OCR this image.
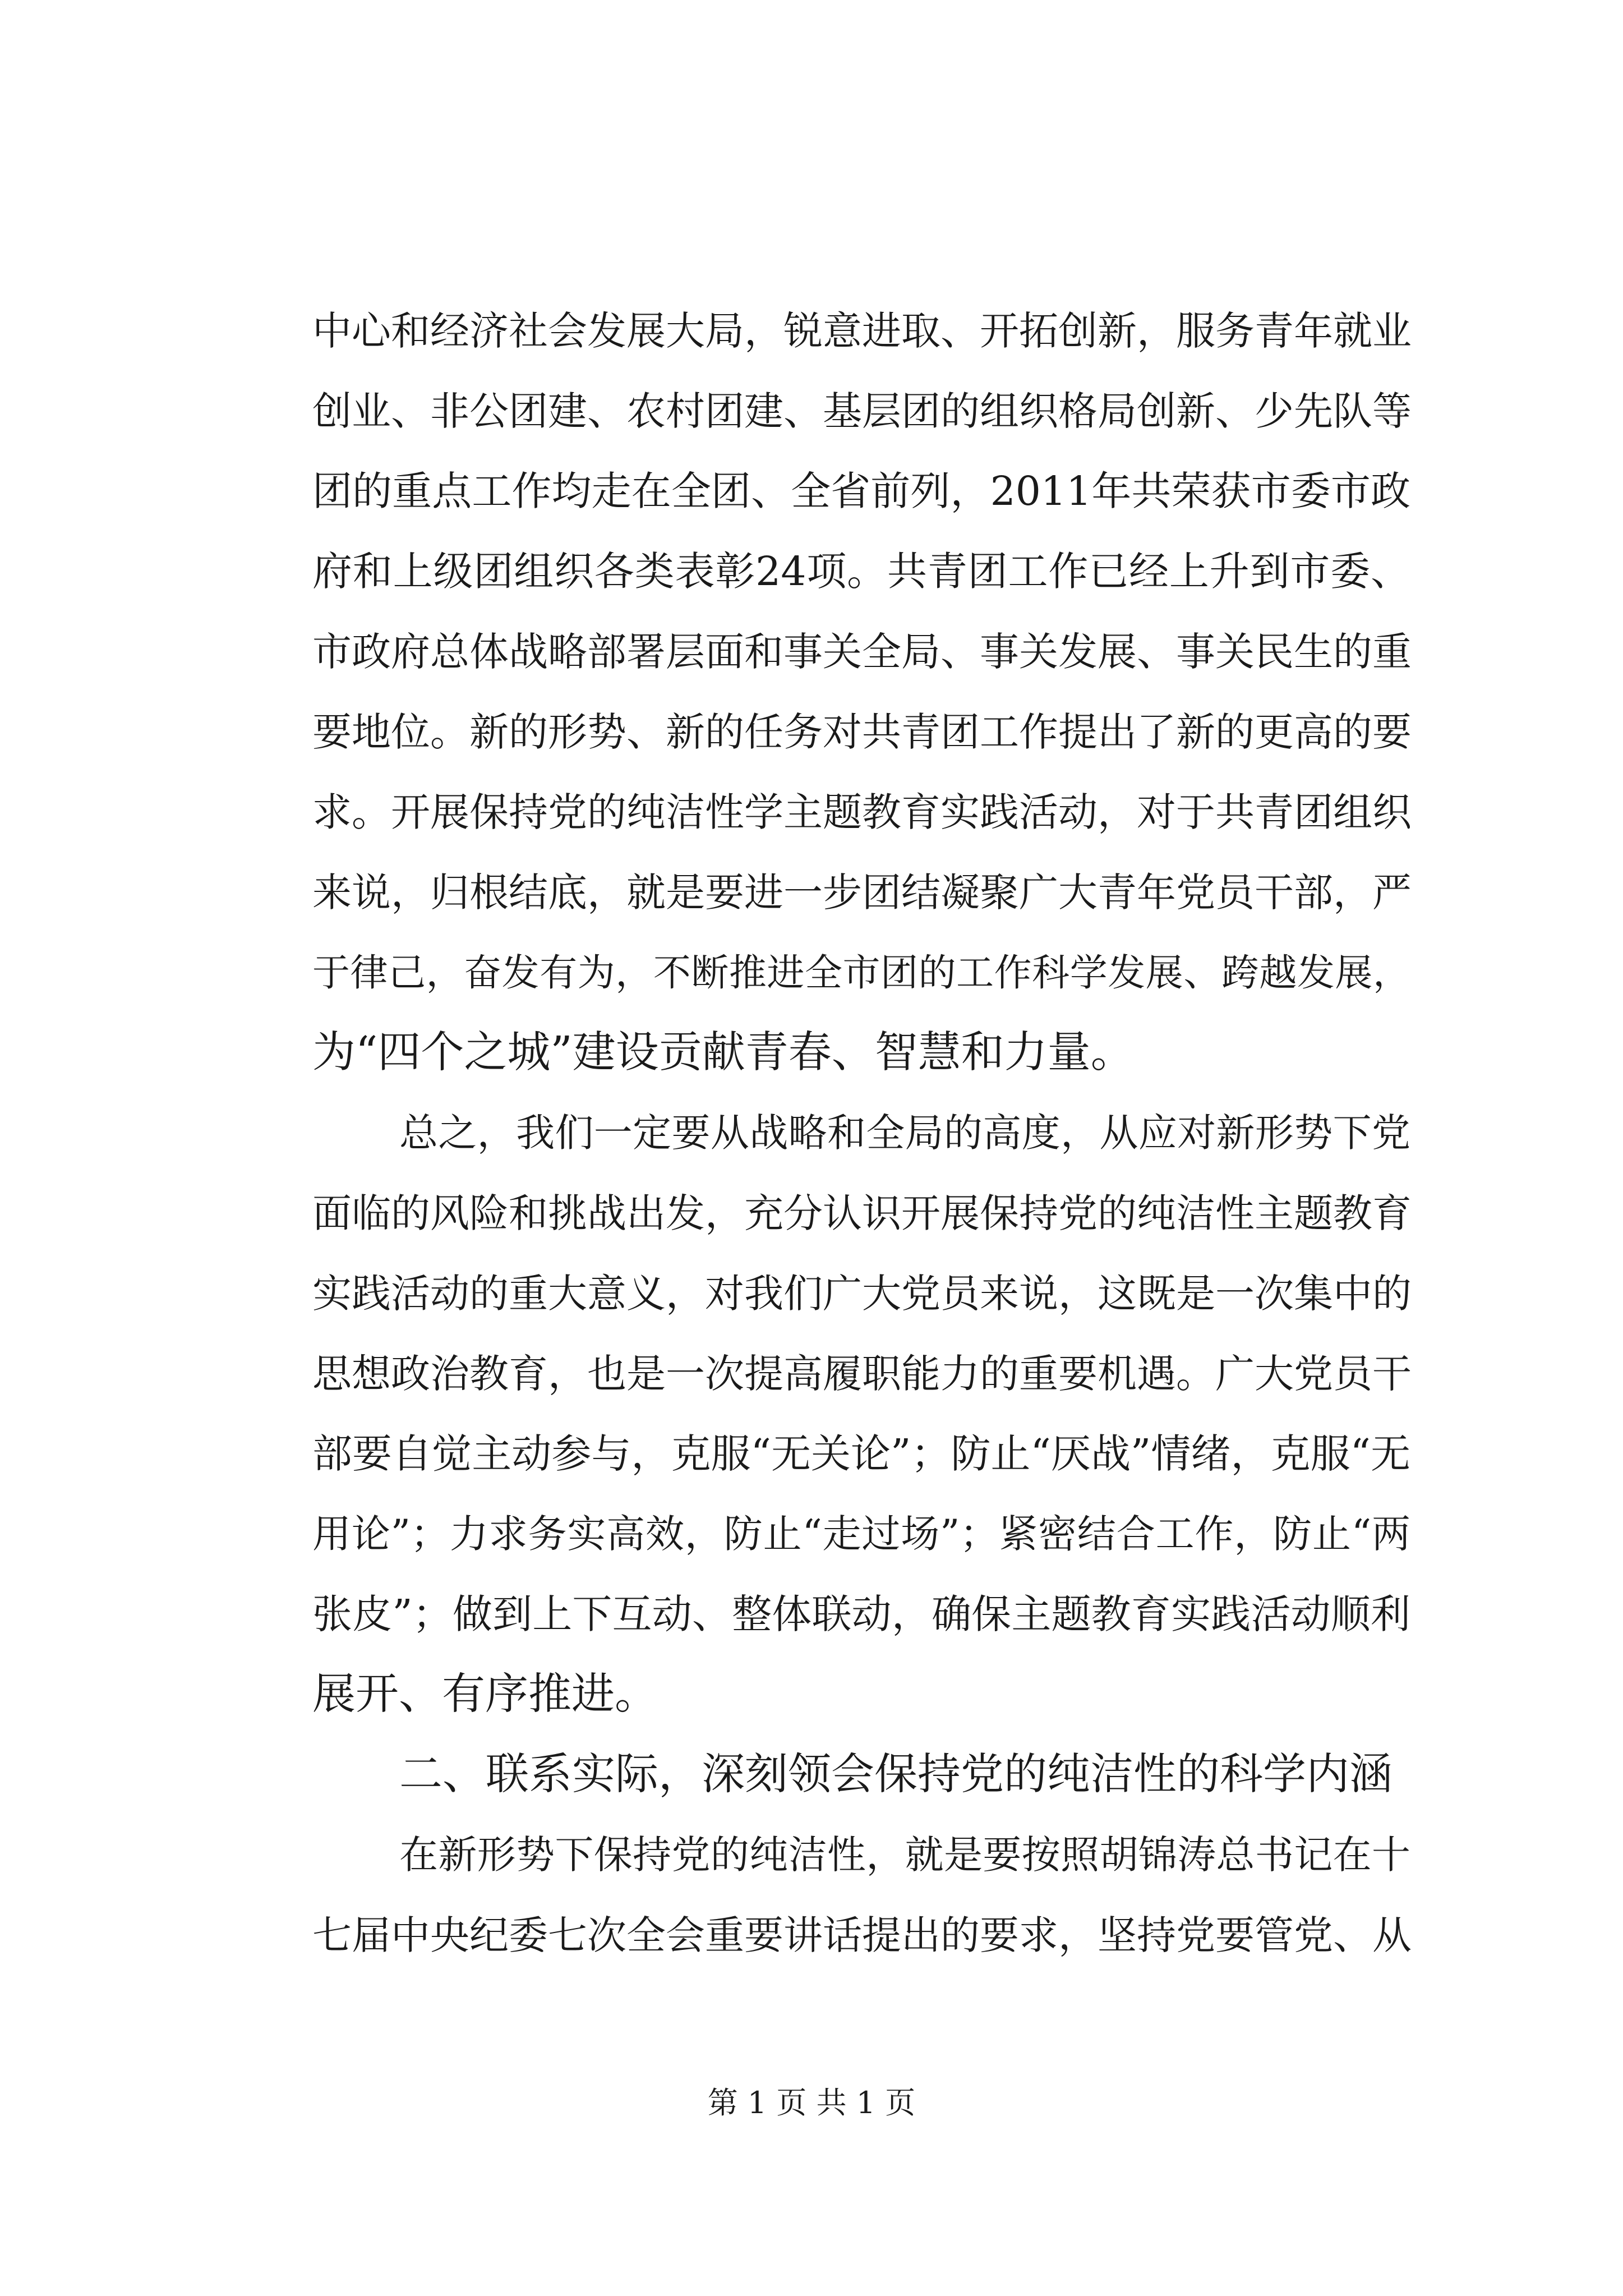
中心和经济社会发展大局，锐意进取、开拓创新，服务青年就业
创业、非公团建、农村团建、基层团的组织格局创新、少先队等
团的重点工作均走在全团、全省前列，2011年共荣获市委市政
府和上级团组织各类表彰24项。共青团工作已经上升到市委、
市政府总体战略部署层面和事关全局、事关发展、事关民生的重
要地位。新的形势、新的任务对共青团工作提出了新的更高的要
求。开展保持党的纯洁性学主题教育实践活动，对于共青团组织
来说，归根结底，就是要进一步团结凝聚广大青年党员干部，严
于律己，奋发有为，不断推进全市团的工作科学发展、跨越发展，
为“四个之城”建设贡献青春、智慧和力量。
总之，我们一定要从战略和全局的高度，从应对新形势下党
面临的风险和挑战出发，充分认识开展保持党的纯洁性主题教育
实践活动的重大意义，对我们广大党员来说，这既是一次集中的
思想政治教育，也是一次提高履职能力的重要机遇。广大党员干
部要自觉主动参与，克服“无关论”；防止“厌战”情绪，克服“无
用论”；力求务实高效，防止“走过场”；紧密结合工作，防止“两
张皮”；做到上下互动、整体联动，确保主题教育实践活动顺利
展开、有序推进。
二、联系实际，深刻领会保持党的纯洁性的科学内涵
在新形势下保持党的纯洁性，就是要按照胡锦涛总书记在十
七届中央纪委七次全会重要讲话提出的要求，坚持党要管党、从
第 1 页 共 1 页
